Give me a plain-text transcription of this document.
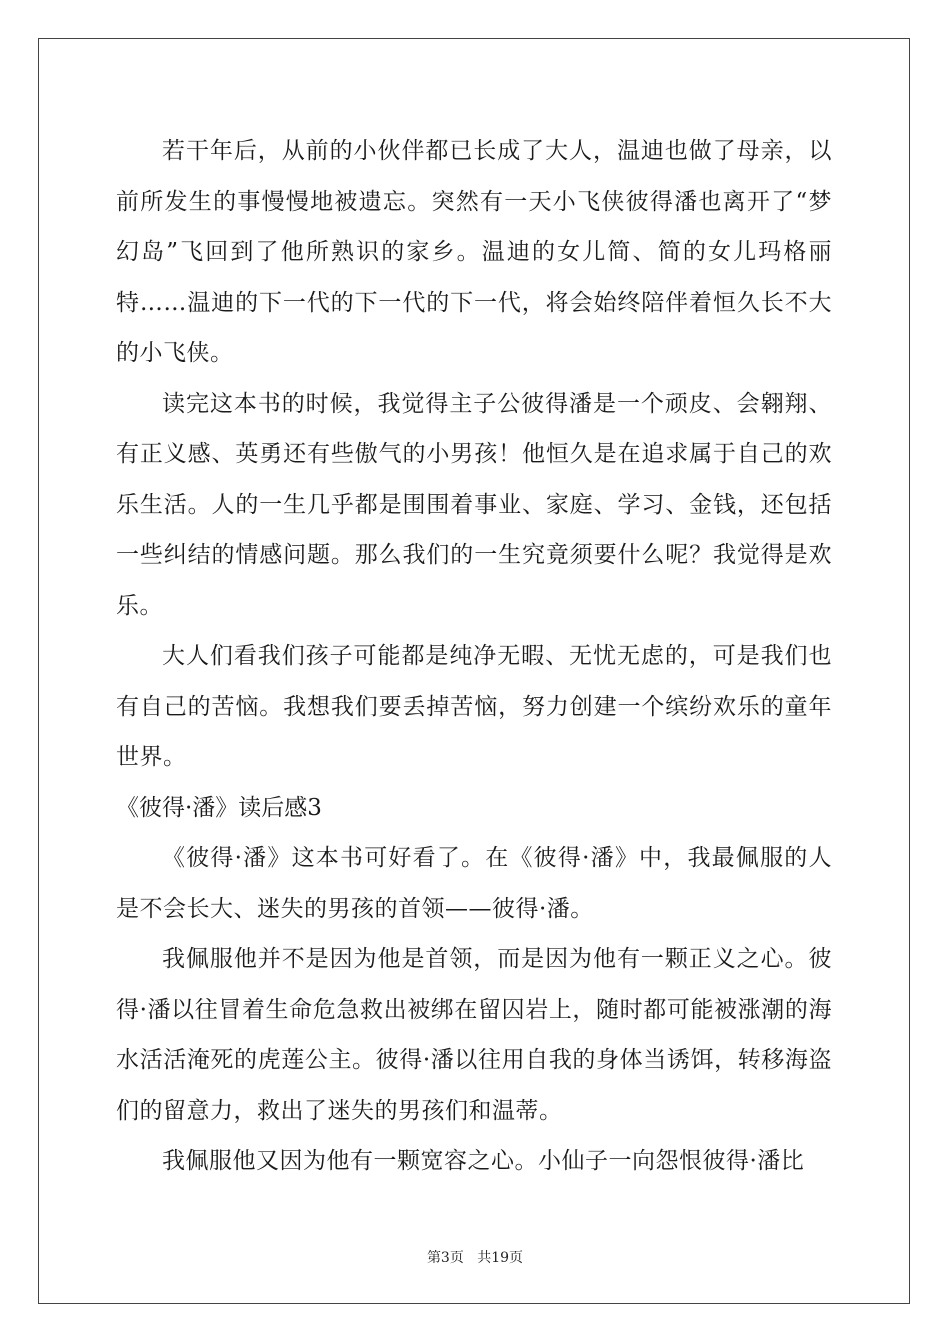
若干年后，从前的小伙伴都已长成了大人，温迪也做了母亲，以前所发生的事慢慢地被遗忘。突然有一天小飞侠彼得潘也离开了“梦幻岛”飞回到了他所熟识的家乡。温迪的女儿简、简的女儿玛格丽特……温迪的下一代的下一代的下一代，将会始终陪伴着恒久长不大的小飞侠。

读完这本书的时候，我觉得主子公彼得潘是一个顽皮、会翱翔、有正义感、英勇还有些傲气的小男孩！他恒久是在追求属于自己的欢乐生活。人的一生几乎都是围围着事业、家庭、学习、金钱，还包括一些纠结的情感问题。那么我们的一生究竟须要什么呢？我觉得是欢乐。

大人们看我们孩子可能都是纯净无暇、无忧无虑的，可是我们也有自己的苦恼。我想我们要丢掉苦恼，努力创建一个缤纷欢乐的童年世界。

《彼得·潘》读后感3

《彼得·潘》这本书可好看了。在《彼得·潘》中，我最佩服的人是不会长大、迷失的男孩的首领——彼得·潘。

我佩服他并不是因为他是首领，而是因为他有一颗正义之心。彼得·潘以往冒着生命危急救出被绑在留囚岩上，随时都可能被涨潮的海水活活淹死的虎莲公主。彼得·潘以往用自我的身体当诱饵，转移海盗们的留意力，救出了迷失的男孩们和温蒂。

我佩服他又因为他有一颗宽容之心。小仙子一向怨恨彼得·潘比

第3页 共19页
